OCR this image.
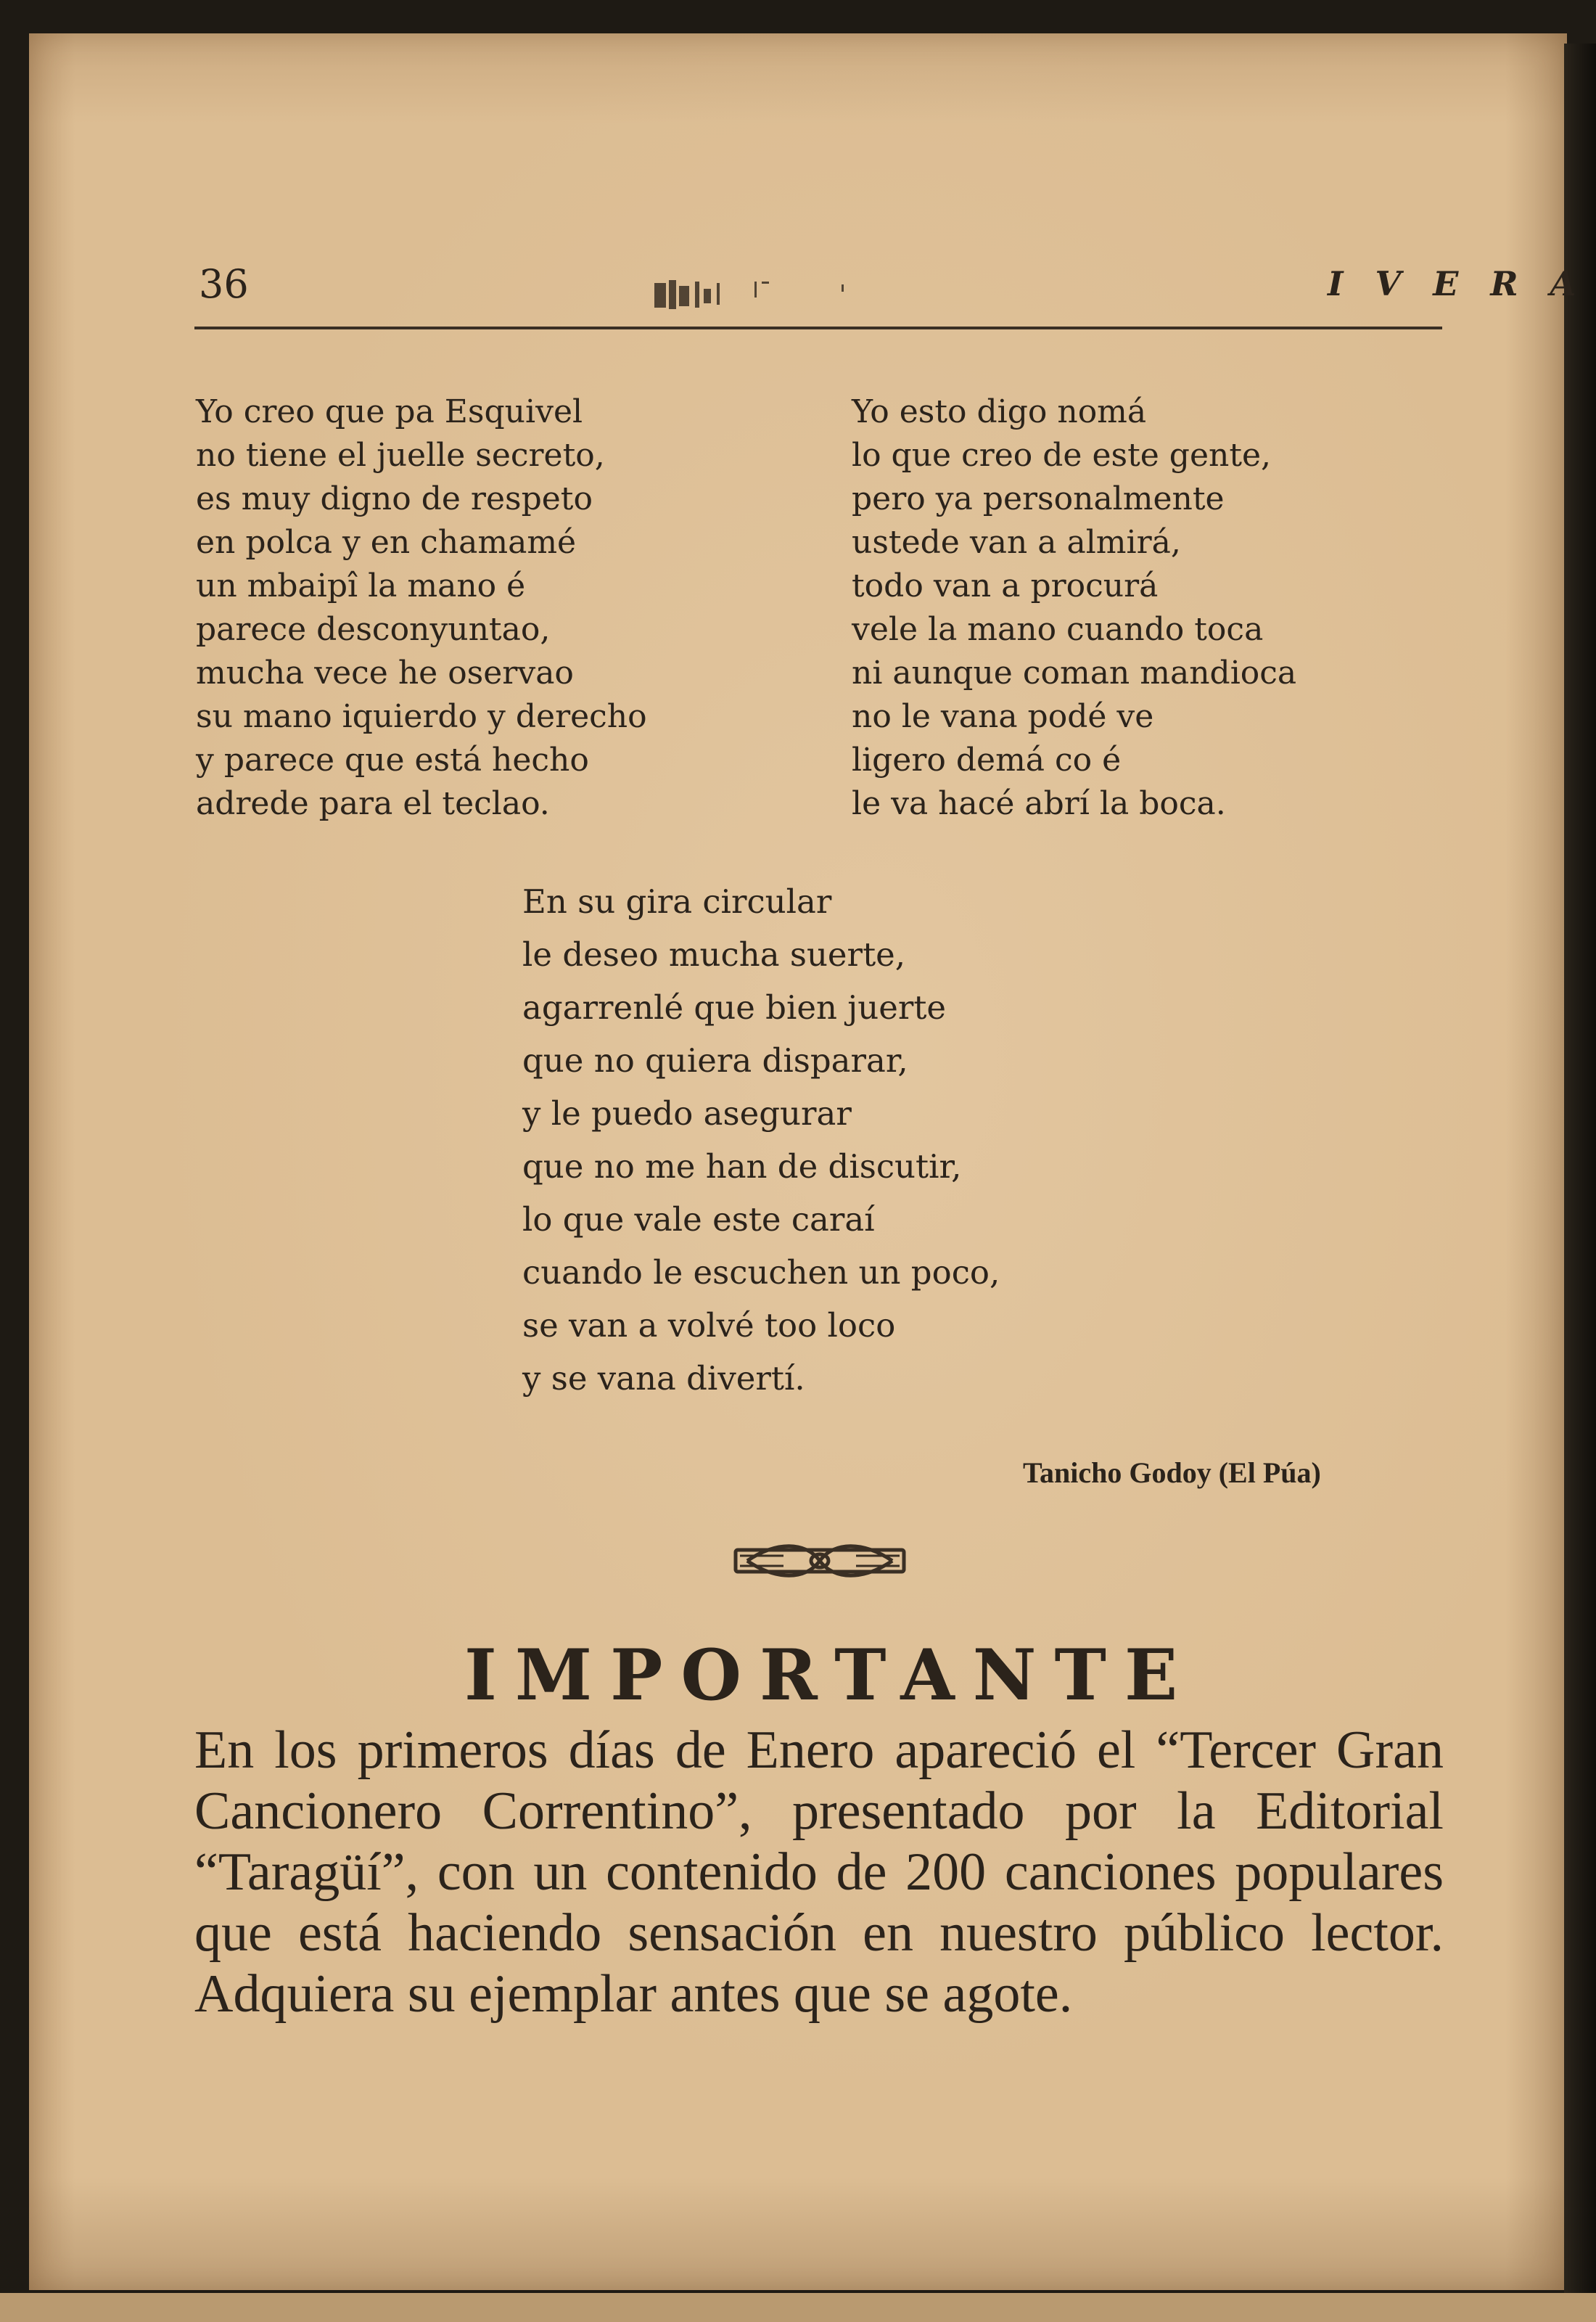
36	I V E R A
Yo creo que pa Esquivel
no tiene el juelle secreto,
es muy digno de respeto
en polca y en chamamé
un mbaipî la mano é
parece desconyuntao,
mucha vece he oservao
su mano iquierdo y derecho
y parece que está hecho
adrede para el teclao.
Yo esto digo nomá
lo que creo de este gente,
pero ya personalmente
ustede van a almirá,
todo van a procurá
vele la mano cuando toca
ni aunque coman mandioca
no le vana podé ve
ligero demá co é
le va hacé abrí la boca.
En su gira circular
le deseo mucha suerte,
agarrenlé que bien juerte
que no quiera disparar,
y le puedo asegurar
que no me han de discutir,
lo que vale este caraí
cuando le escuchen un poco,
se van a volvé too loco
y se vana divertí.
Tanicho Godoy (El Púa)
IMPORTANTE

En los primeros días de Enero apareció el “Tercer Gran Cancionero Correntino”, presentado por la Editorial “Taragüí”, con un contenido de 200 canciones populares que está haciendo sensación en nuestro público lector. Adquiera su ejemplar antes que se agote.
